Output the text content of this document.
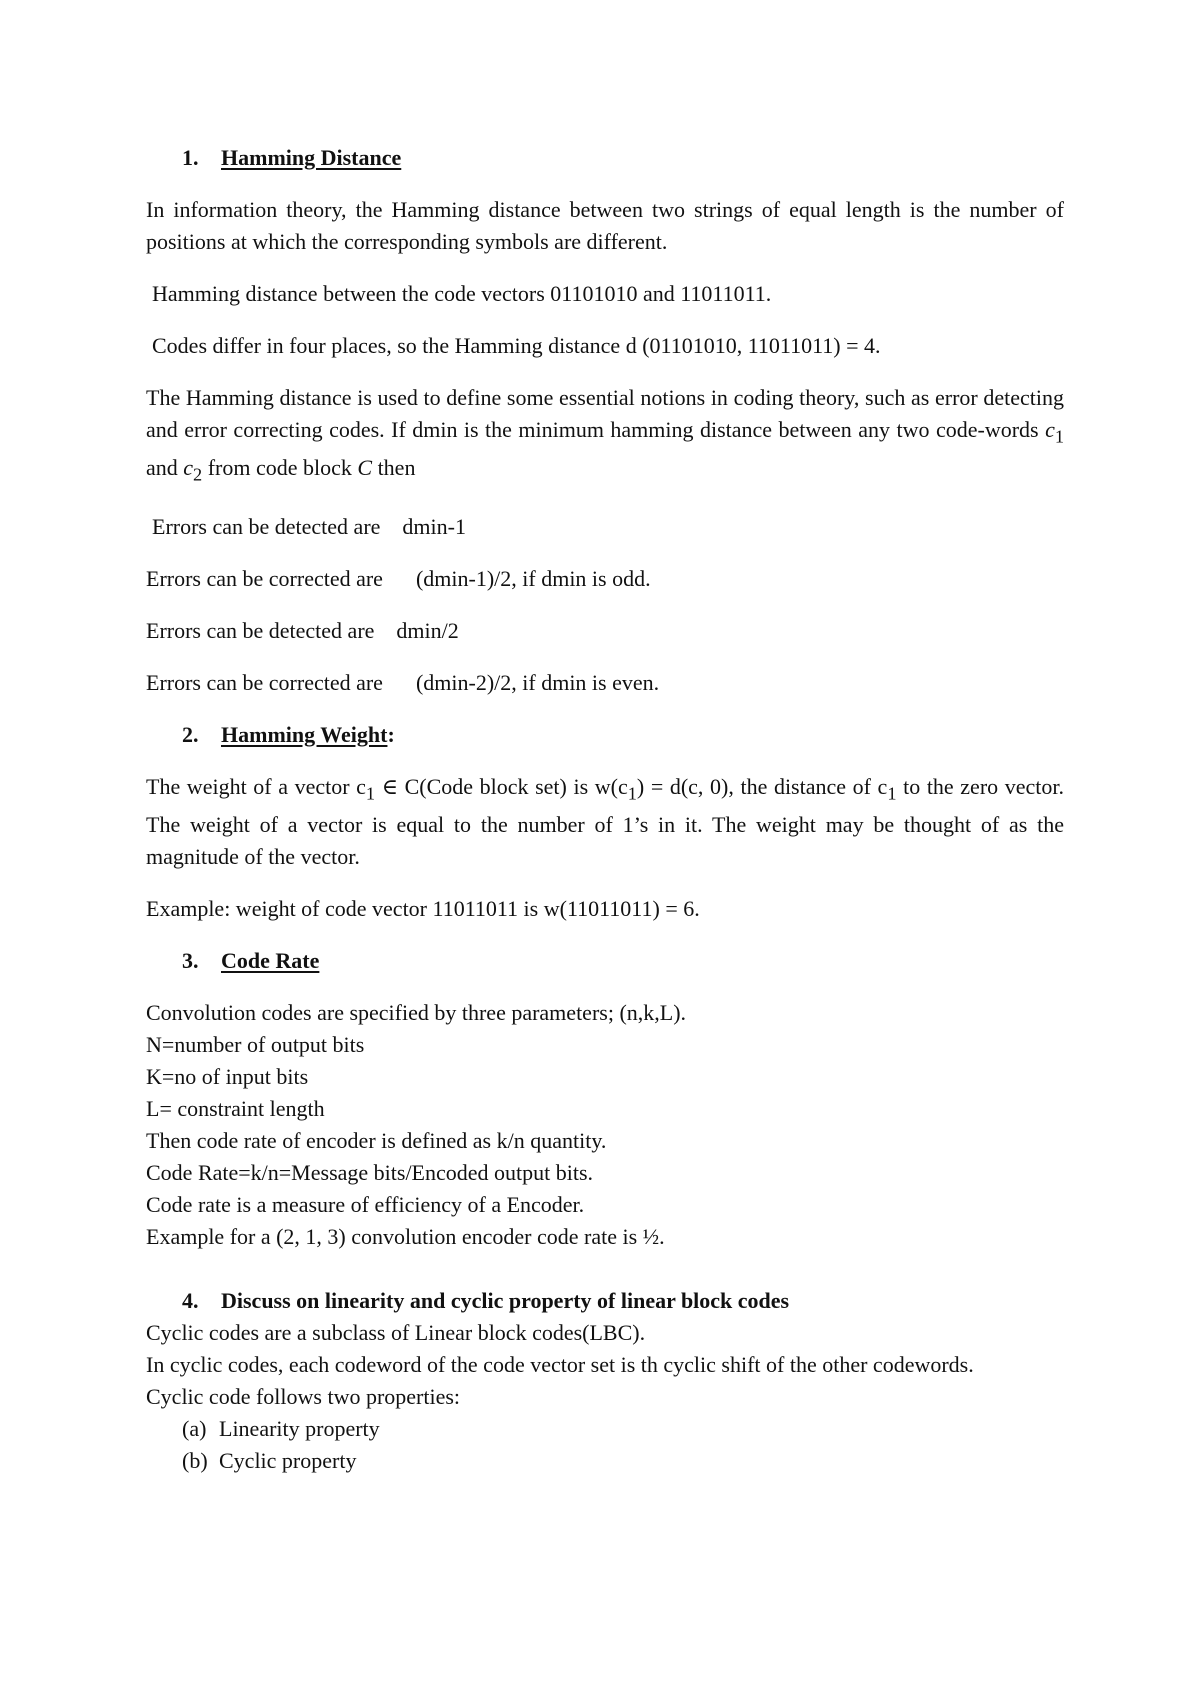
1. Hamming Distance

In information theory, the Hamming distance between two strings of equal length is the number of positions at which the corresponding symbols are different.

Hamming distance between the code vectors 01101010 and 11011011.

Codes differ in four places, so the Hamming distance d (01101010, 11011011) = 4.

The Hamming distance is used to define some essential notions in coding theory, such as error detecting and error correcting codes. If dmin is the minimum hamming distance between any two code-words $c_1$ and $c_2$ from code block C then

Errors can be detected are dmin-1

Errors can be corrected are (dmin-1)/2, if dmin is odd.

Errors can be detected are dmin/2

Errors can be corrected are (dmin-2)/2, if dmin is even.

2. Hamming Weight:

The weight of a vector $c_1$ ∈ C(Code block set) is $w(c_1) = d(c$, 0), the distance of $c_1$ to the zero vector. The weight of a vector is equal to the number of 1’s in it. The weight may be thought of as the magnitude of the vector.

Example: weight of code vector 11011011 is w(11011011) = 6.

3. Code Rate

Convolution codes are specified by three parameters; (n,k,L).

N=number of output bits

K=no of input bits

L= constraint length

Then code rate of encoder is defined as k/n quantity.

Code Rate=k/n=Message bits/Encoded output bits.

Code rate is a measure of efficiency of a Encoder.

Example for a (2, 1, 3) convolution encoder code rate is ½.

4. Discuss on linearity and cyclic property of linear block codes

Cyclic codes are a subclass of Linear block codes(LBC).

In cyclic codes, each codeword of the code vector set is th cyclic shift of the other codewords.

Cyclic code follows two properties:

(a) Linearity property

(b) Cyclic property
